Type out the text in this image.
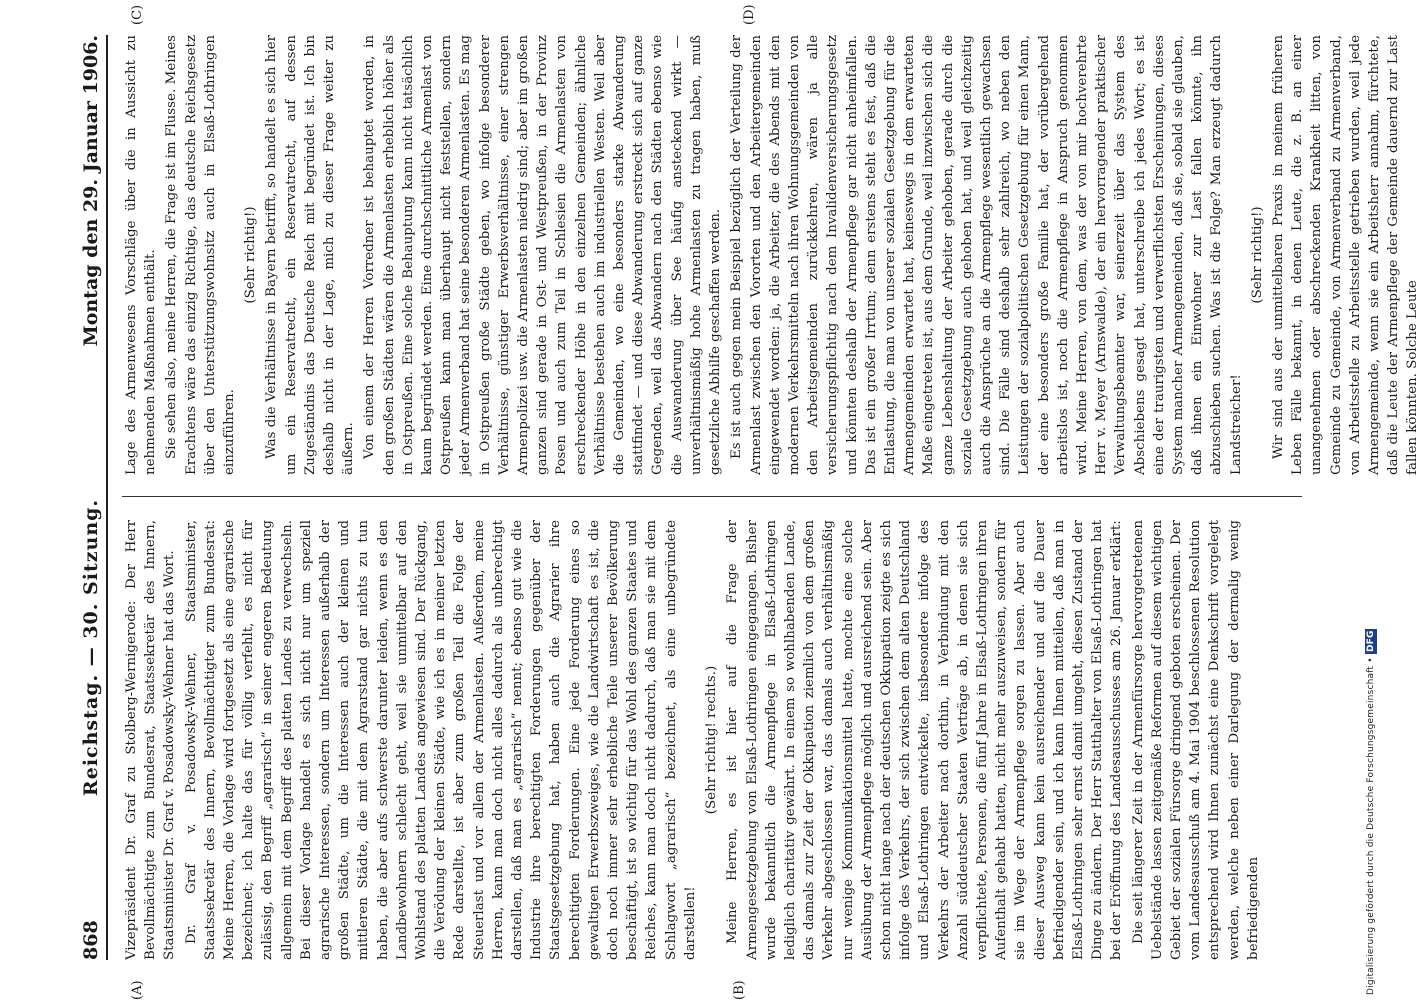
868
Reichstag. — 30. Sitzung.
Montag den 29. Januar 1906.
(A)	(B)
(C)	(D)

Vizepräsident Dr. Graf zu Stolberg-Wernigerode: Der Herr Bevollmächtigte zum Bundesrat, Staatssekretär des Innern, Staatsminister Dr. Graf v. Posadowsky-Wehner hat das Wort. Dr. Graf v. Posadowsky-Wehner, Staatsminister, Staatssekretär des Innern, Bevollmächtigter zum Bundesrat: Meine Herren, die Vorlage wird fortgesetzt als eine agrarische bezeichnet; ich halte das für völlig verfehlt, es nicht für zulässig, den Begriff „agrarisch“ in seiner engeren Bedeutung allgemein mit dem Begriff des platten Landes zu verwechseln. Bei dieser Vorlage handelt es sich nicht nur um speziell agrarische Interessen, sondern um Interessen außerhalb der großen Städte, um die Interessen auch der kleinen und mittleren Städte, die mit dem Agrarstand gar nichts zu tun haben, die aber aufs schwerste darunter leiden, wenn es den Landbewohnern schlecht geht, weil sie unmittelbar auf den Wohlstand des platten Landes angewiesen sind. Der Rückgang, die Verödung der kleinen Städte, wie ich es in meiner letzten Rede darstellte, ist aber zum großen Teil die Folge der Steuerlast und vor allem der Armenlasten. Außerdem, meine Herren, kann man doch nicht alles dadurch als unberechtigt darstellen, daß man es „agrarisch“ nennt; ebenso gut wie die Industrie ihre berechtigten Forderungen gegenüber der Staatsgesetzgebung hat, haben auch die Agrarier ihre berechtigten Forderungen. Eine jede Forderung eines so gewaltigen Erwerbszweiges, wie die Landwirtschaft es ist, die doch noch immer sehr erhebliche Teile unserer Bevölkerung beschäftigt, ist so wichtig für das Wohl des ganzen Staates und Reiches, kann man doch nicht dadurch, daß man sie mit dem Schlagwort „agrarisch“ bezeichnet, als eine unbegründete darstellen!

(Sehr richtig! rechts.) Meine Herren, es ist hier auf die Frage der Armengesetzgebung von Elsaß-Lothringen eingegangen. Bisher wurde bekanntlich die Armenpflege in Elsaß-Lothringen lediglich charitativ gewährt. In einem so wohlhabenden Lande, das damals zur Zeit der Okkupation ziemlich von dem großen Verkehr abgeschlossen war, das damals auch verhältnismäßig nur wenige Kommunikationsmittel hatte, mochte eine solche Ausübung der Armenpflege möglich und ausreichend sein. Aber schon nicht lange nach der deutschen Okkupation zeigte es sich infolge des Verkehrs, der sich zwischen dem alten Deutschland und Elsaß-Lothringen entwickelte, insbesondere infolge des Verkehrs der Arbeiter nach dorthin, in Verbindung mit den Anzahl süddeutscher Staaten Verträge ab, in denen sie sich verpflichtete, Personen, die fünf Jahre in Elsaß-Lothringen ihren Aufenthalt gehabt hatten, nicht mehr auszuweisen, sondern für sie im Wege der Armenpflege sorgen zu lassen. Aber auch dieser Ausweg kann kein ausreichender und auf die Dauer befriedigender sein, und ich kann Ihnen mitteilen, daß man in Elsaß-Lothringen sehr ernst damit umgeht, diesen Zustand der Dinge zu ändern. Der Herr Statthalter von Elsaß-Lothringen hat bei der Eröffnung des Landesausschusses am 26. Januar erklärt: Die seit längerer Zeit in der Armenfürsorge hervorgetretenen Uebelstände lassen zeitgemäße Reformen auf diesem wichtigen Gebiet der sozialen Fürsorge dringend geboten erscheinen. Der vom Landesausschuß am 4. Mai 1904 beschlossenen Resolution entsprechend wird Ihnen zunächst eine Denkschrift vorgelegt werden, welche neben einer Darlegung der dermalig wenig befriedigenden

Lage des Armenwesens Vorschläge über die in Aussicht zu nehmenden Maßnahmen enthält. Sie sehen also, meine Herren, die Frage ist im Flusse. Meines Erachtens wäre das einzig Richtige, das deutsche Reichsgesetz über den Unterstützungswohnsitz auch in Elsaß-Lothringen einzuführen.

(Sehr richtig!) Was die Verhältnisse in Bayern betrifft, so handelt es sich hier um ein Reservatrecht, ein Reservatrecht, auf dessen Zugeständnis das Deutsche Reich mit begründet ist. Ich bin deshalb nicht in der Lage, mich zu dieser Frage weiter zu äußern. Von einem der Herren Vorredner ist behauptet worden, in den großen Städten wären die Armenlasten erheblich höher als in Ostpreußen. Eine solche Behauptung kann nicht tatsächlich kaum begründet werden. Eine durchschnittliche Armenlast von Ostpreußen kann man überhaupt nicht feststellen, sondern jeder Armenverband hat seine besonderen Armenlasten. Es mag in Ostpreußen große Städte geben, wo infolge besonderer Verhältnisse, günstiger Erwerbsverhältnisse, einer strengen Armenpolizei usw. die Armenlasten niedrig sind; aber im großen ganzen sind gerade in Ost- und Westpreußen, in der Provinz Posen und auch zum Teil in Schlesien die Armenlasten von erschreckender Höhe in den einzelnen Gemeinden; ähnliche Verhältnisse bestehen auch im industriellen Westen. Weil aber die Gemeinden, wo eine besonders starke Abwanderung stattfindet — und diese Abwanderung erstreckt sich auf ganze Gegenden, weil das Abwandern nach den Städten ebenso wie die Auswanderung über See häufig ansteckend wirkt — unverhältnismäßig hohe Armenlasten zu tragen haben, muß gesetzliche Abhilfe geschaffen werden. Es ist auch gegen mein Beispiel bezüglich der Verteilung der Armenlast zwischen den Vororten und den Arbeitergemeinden eingewendet worden: ja, die Arbeiter, die des Abends mit den modernen Verkehrsmitteln nach ihren Wohnungsgemeinden von den Arbeitsgemeinden zurückkehren, wären ja alle versicherungspflichtig nach dem Invalidenversicherungsgesetz und könnten deshalb der Armenpflege gar nicht anheimfallen. Das ist ein großer Irrtum; denn erstens steht es fest, daß die Entlastung, die man von unserer sozialen Gesetzgebung für die Armengemeinden erwartet hat, keineswegs in dem erwarteten Maße eingetreten ist, aus dem Grunde, weil inzwischen sich die ganze Lebenshaltung der Arbeiter gehoben, gerade durch die soziale Gesetzgebung auch gehoben hat, und weil gleichzeitig auch die Ansprüche an die Armenpflege wesentlich gewachsen sind. Die Fälle sind deshalb sehr zahlreich, wo neben den Leistungen der sozialpolitischen Gesetzgebung für einen Mann, der eine besonders große Familie hat, der vorübergehend arbeitslos ist, noch die Armenpflege in Anspruch genommen wird. Meine Herren, von dem, was der von mir hochverehrte Herr v. Meyer (Arnswalde), der ein hervorragender praktischer Verwaltungsbeamter war, seinerzeit über das System des Abschiebens gesagt hat, unterschreibe ich jedes Wort; es ist eine der traurigsten und verwerflichsten Erscheinungen, dieses System mancher Armengemeinden, daß sie, sobald sie glauben, daß ihnen ein Einwohner zur Last fallen könnte, ihn abzuschieben suchen. Was ist die Folge? Man erzeugt dadurch Landstreicher!

(Sehr richtig!) Wir sind aus der unmittelbaren Praxis in meinem früheren Leben Fälle bekannt, in denen Leute, die z. B. an einer unangenehmen oder abschreckenden Krankheit litten, von Gemeinde zu Gemeinde, von Armenverband zu Armenverband, von Arbeitsstelle zu Arbeitsstelle getrieben wurden, weil jede Armengemeinde, wenn sie ein Arbeitsherr annahm, fürchtete, daß die Leute der Armenpflege der Gemeinde dauernd zur Last fallen könnten. Solche Leute

Digitalisierung gefördert durch die Deutsche Forschungsgemeinschaft • DFG
